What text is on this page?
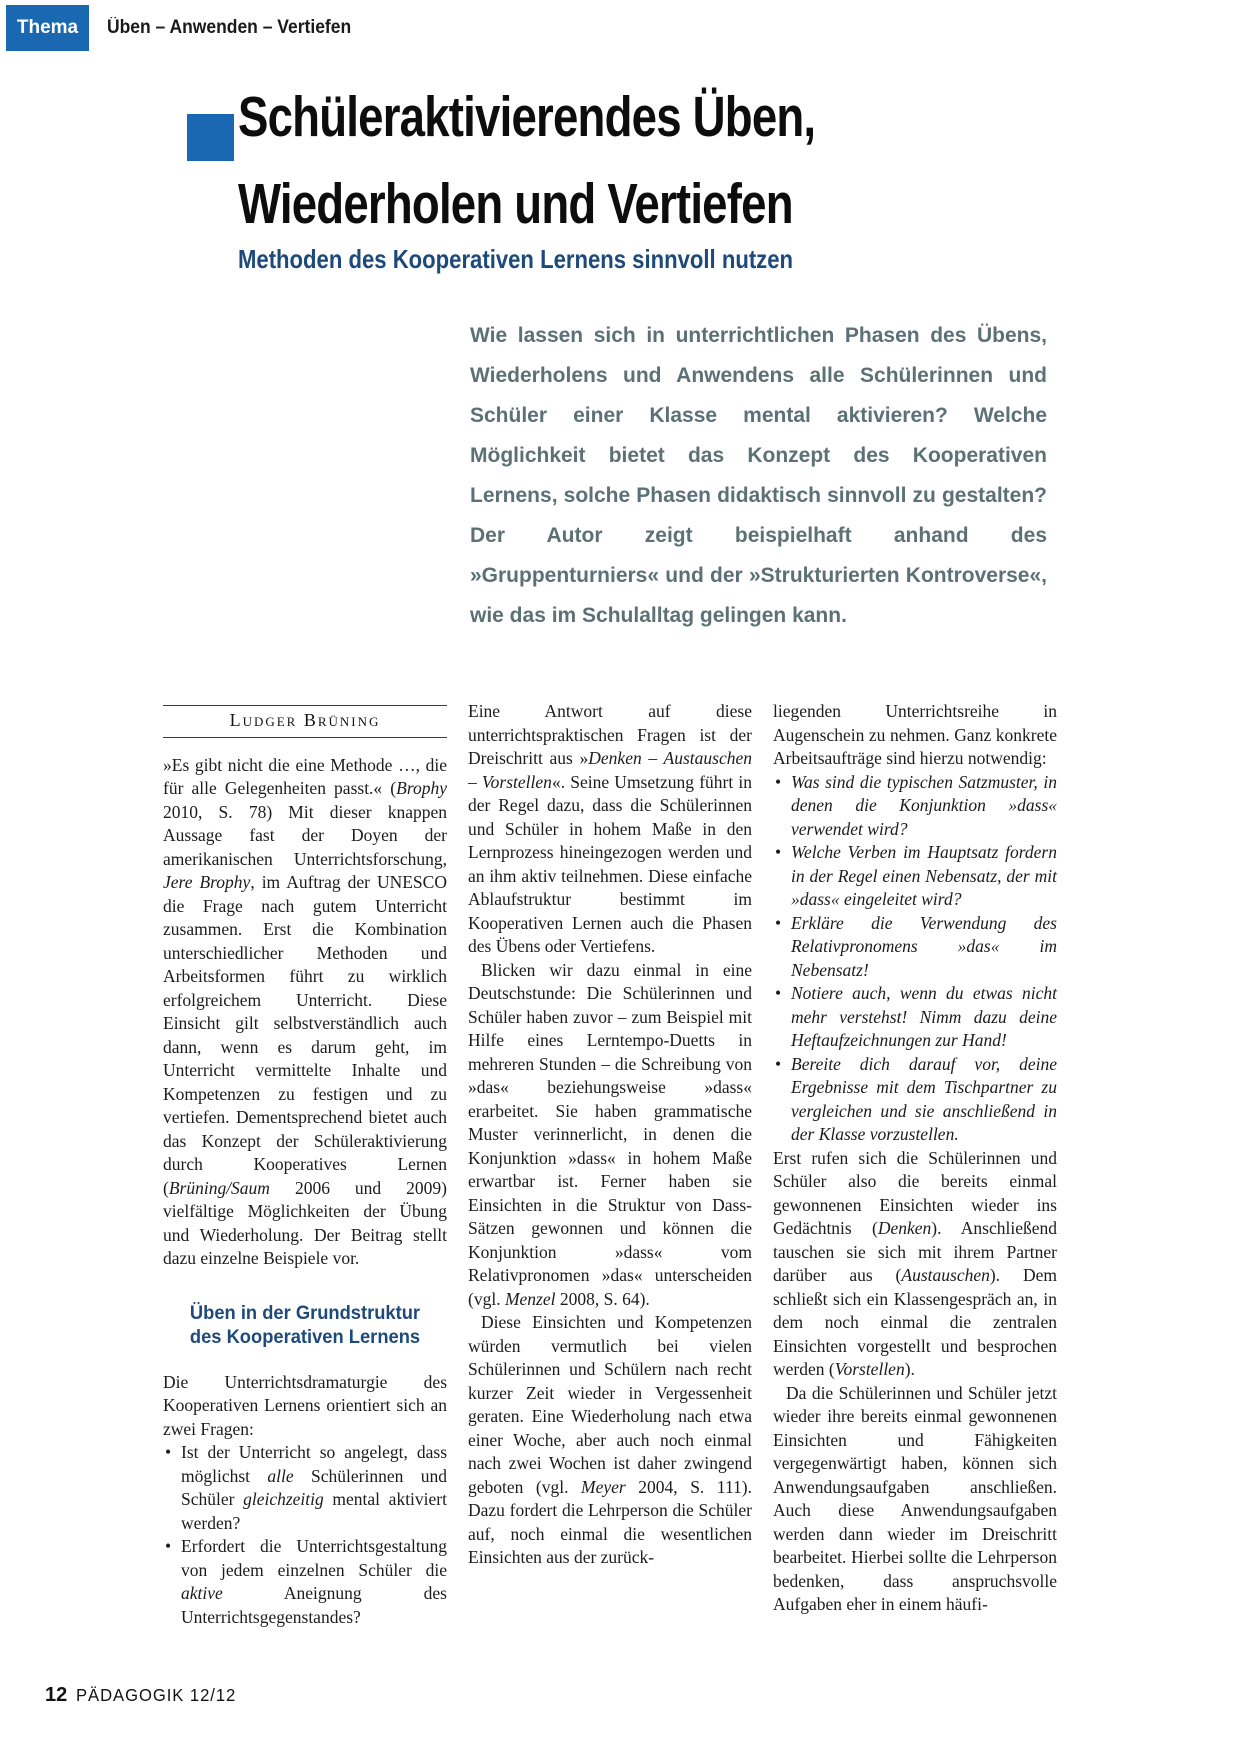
Thema Üben – Anwenden – Vertiefen
Schüleraktivierendes Üben,
Wiederholen und Vertiefen
Methoden des Kooperativen Lernens sinnvoll nutzen
Wie lassen sich in unterrichtlichen Phasen des Übens, Wiederholens und Anwendens alle Schülerinnen und Schüler einer Klasse mental aktivieren? Welche Möglichkeit bietet das Konzept des Kooperativen Lernens, solche Phasen didaktisch sinnvoll zu gestalten? Der Autor zeigt beispielhaft anhand des »Gruppenturniers« und der »Strukturierten Kontroverse«, wie das im Schulalltag gelingen kann.
Ludger Brüning

»Es gibt nicht die eine Methode …, die für alle Gelegenheiten passt.« (Brophy 2010, S. 78) Mit dieser knappen Aussage fast der Doyen der amerikanischen Unterrichtsforschung, Jere Brophy, im Auftrag der UNESCO die Frage nach gutem Unterricht zusammen. Erst die Kombination unterschiedlicher Methoden und Arbeitsformen führt zu wirklich erfolgreichem Unterricht. Diese Einsicht gilt selbstverständlich auch dann, wenn es darum geht, im Unterricht vermittelte Inhalte und Kompetenzen zu festigen und zu vertiefen. Dementsprechend bietet auch das Konzept der Schüleraktivierung durch Kooperatives Lernen (Brüning/Saum 2006 und 2009) vielfältige Möglichkeiten der Übung und Wiederholung. Der Beitrag stellt dazu einzelne Beispiele vor.

Üben in der Grundstruktur des Kooperativen Lernens

Die Unterrichtsdramaturgie des Kooperativen Lernens orientiert sich an zwei Fragen:

• Ist der Unterricht so angelegt, dass möglichst alle Schülerinnen und Schüler gleichzeitig mental aktiviert werden?
• Erfordert die Unterrichtsgestaltung von jedem einzelnen Schüler die aktive Aneignung des Unterrichtsgegenstandes?

Eine Antwort auf diese unterrichtspraktischen Fragen ist der Dreischritt aus »Denken – Austauschen – Vorstellen«. Seine Umsetzung führt in der Regel dazu, dass die Schülerinnen und Schüler in hohem Maße in den Lernprozess hineingezogen werden und an ihm aktiv teilnehmen. Diese einfache Ablaufstruktur bestimmt im Kooperativen Lernen auch die Phasen des Übens oder Vertiefens.

Blicken wir dazu einmal in eine Deutschstunde: Die Schülerinnen und Schüler haben zuvor – zum Beispiel mit Hilfe eines Lerntempo-Duetts in mehreren Stunden – die Schreibung von »das« beziehungsweise »dass« erarbeitet. Sie haben grammatische Muster verinnerlicht, in denen die Konjunktion »dass« in hohem Maße erwartbar ist. Ferner haben sie Einsichten in die Struktur von Dass-Sätzen gewonnen und können die Konjunktion »dass« vom Relativpronomen »das« unterscheiden (vgl. Menzel 2008, S. 64).

Diese Einsichten und Kompetenzen würden vermutlich bei vielen Schülerinnen und Schülern nach recht kurzer Zeit wieder in Vergessenheit geraten. Eine Wiederholung nach etwa einer Woche, aber auch noch einmal nach zwei Wochen ist daher zwingend geboten (vgl. Meyer 2004, S. 111). Dazu fordert die Lehrperson die Schüler auf, noch einmal die wesentlichen Einsichten aus der zurück-

liegenden Unterrichtsreihe in Augenschein zu nehmen. Ganz konkrete Arbeitsaufträge sind hierzu notwendig:

• Was sind die typischen Satzmuster, in denen die Konjunktion »dass« verwendet wird?
• Welche Verben im Hauptsatz fordern in der Regel einen Nebensatz, der mit »dass« eingeleitet wird?
• Erkläre die Verwendung des Relativpronomens »das« im Nebensatz!
• Notiere auch, wenn du etwas nicht mehr verstehst! Nimm dazu deine Heftaufzeichnungen zur Hand!
• Bereite dich darauf vor, deine Ergebnisse mit dem Tischpartner zu vergleichen und sie anschließend in der Klasse vorzustellen.

Erst rufen sich die Schülerinnen und Schüler also die bereits einmal gewonnenen Einsichten wieder ins Gedächtnis (Denken). Anschließend tauschen sie sich mit ihrem Partner darüber aus (Austauschen). Dem schließt sich ein Klassengespräch an, in dem noch einmal die zentralen Einsichten vorgestellt und besprochen werden (Vorstellen).

Da die Schülerinnen und Schüler jetzt wieder ihre bereits einmal gewonnenen Einsichten und Fähigkeiten vergegenwärtigt haben, können sich Anwendungsaufgaben anschließen. Auch diese Anwendungsaufgaben werden dann wieder im Dreischritt bearbeitet. Hierbei sollte die Lehrperson bedenken, dass anspruchsvolle Aufgaben eher in einem häufi-

12 PÄDAGOGIK 12/12
